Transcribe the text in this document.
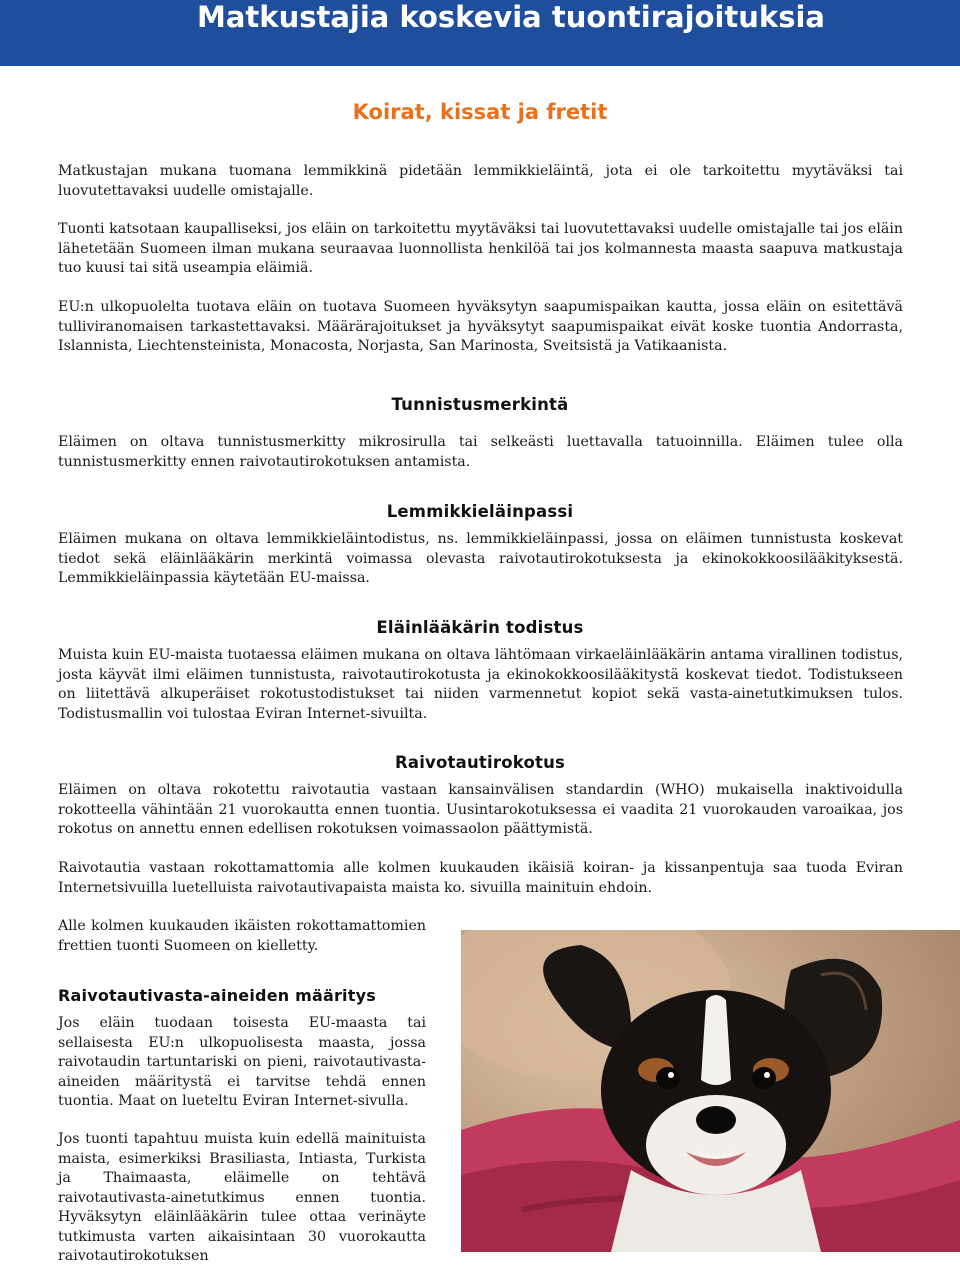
Matkustajia koskevia tuontirajoituksia
Koirat, kissat ja fretit

Matkustajan mukana tuomana lemmikkinä pidetään lemmikkieläintä, jota ei ole tarkoitettu myytäväksi tai luovutettavaksi uudelle omistajalle.

Tuonti katsotaan kaupalliseksi, jos eläin on tarkoitettu myytäväksi tai luovutettavaksi uudelle omistajalle tai jos eläin lähetetään Suomeen ilman mukana seuraavaa luonnollista henkilöä tai jos kolmannesta maasta saapuva matkustaja tuo kuusi tai sitä useampia eläimiä.

EU:n ulkopuolelta tuotava eläin on tuotava Suomeen hyväksytyn saapumispaikan kautta, jossa eläin on esitettävä tulliviranomaisen tarkastettavaksi. Määrärajoitukset ja hyväksytyt saapumispaikat eivät koske tuontia Andorrasta, Islannista, Liechtensteinista, Monacosta, Norjasta, San Marinosta, Sveitsistä ja Vatikaanista.

Tunnistusmerkintä

Eläimen on oltava tunnistusmerkitty mikrosirulla tai selkeästi luettavalla tatuoinnilla. Eläimen tulee olla tunnistusmerkitty ennen raivotautirokotuksen antamista.

Lemmikkieläinpassi

Eläimen mukana on oltava lemmikkieläintodistus, ns. lemmikkieläinpassi, jossa on eläimen tunnistusta koskevat tiedot sekä eläinlääkärin merkintä voimassa olevasta raivotautirokotuksesta ja ekinokokkoosilääkityksestä. Lemmikkieläinpassia käytetään EU-maissa.

Eläinlääkärin todistus

Muista kuin EU-maista tuotaessa eläimen mukana on oltava lähtömaan virkaeläinlääkärin antama virallinen todistus, josta käyvät ilmi eläimen tunnistusta, raivotautirokotusta ja ekinokokkoosilääkitystä koskevat tiedot. Todistukseen on liitettävä alkuperäiset rokotustodistukset tai niiden varmennetut kopiot sekä vasta-ainetutkimuksen tulos. Todistusmallin voi tulostaa Eviran Internet-sivuilta.

Raivotautirokotus

Eläimen on oltava rokotettu raivotautia vastaan kansainvälisen standardin (WHO) mukaisella inaktivoidulla rokotteella vähintään 21 vuorokautta ennen tuontia. Uusintarokotuksessa ei vaadita 21 vuorokauden varoaikaa, jos rokotus on annettu ennen edellisen rokotuksen voimassaolon päättymistä.

Raivotautia vastaan rokottamattomia alle kolmen kuukauden ikäisiä koiran- ja kissanpentuja saa tuoda Eviran Internetsivuilla luetelluista raivotautivapaista maista ko. sivuilla mainituin ehdoin.

Alle kolmen kuukauden ikäisten rokottamattomien frettien tuonti Suomeen on kielletty.

Raivotautivasta-aineiden määritys

Jos eläin tuodaan toisesta EU-maasta tai sellaisesta EU:n ulkopuolisesta maasta, jossa raivotaudin tartuntariski on pieni, raivotautivasta-aineiden määritystä ei tarvitse tehdä ennen tuontia. Maat on lueteltu Eviran Internet-sivulla.

Jos tuonti tapahtuu muista kuin edellä mainituista maista, esimerkiksi Brasiliasta, Intiasta, Turkista ja Thaimaasta, eläimelle on tehtävä raivotautivasta-ainetutkimus ennen tuontia. Hyväksytyn eläinlääkärin tulee ottaa verinäyte tutkimusta varten aikaisintaan 30 vuorokautta raivotautirokotuksen
